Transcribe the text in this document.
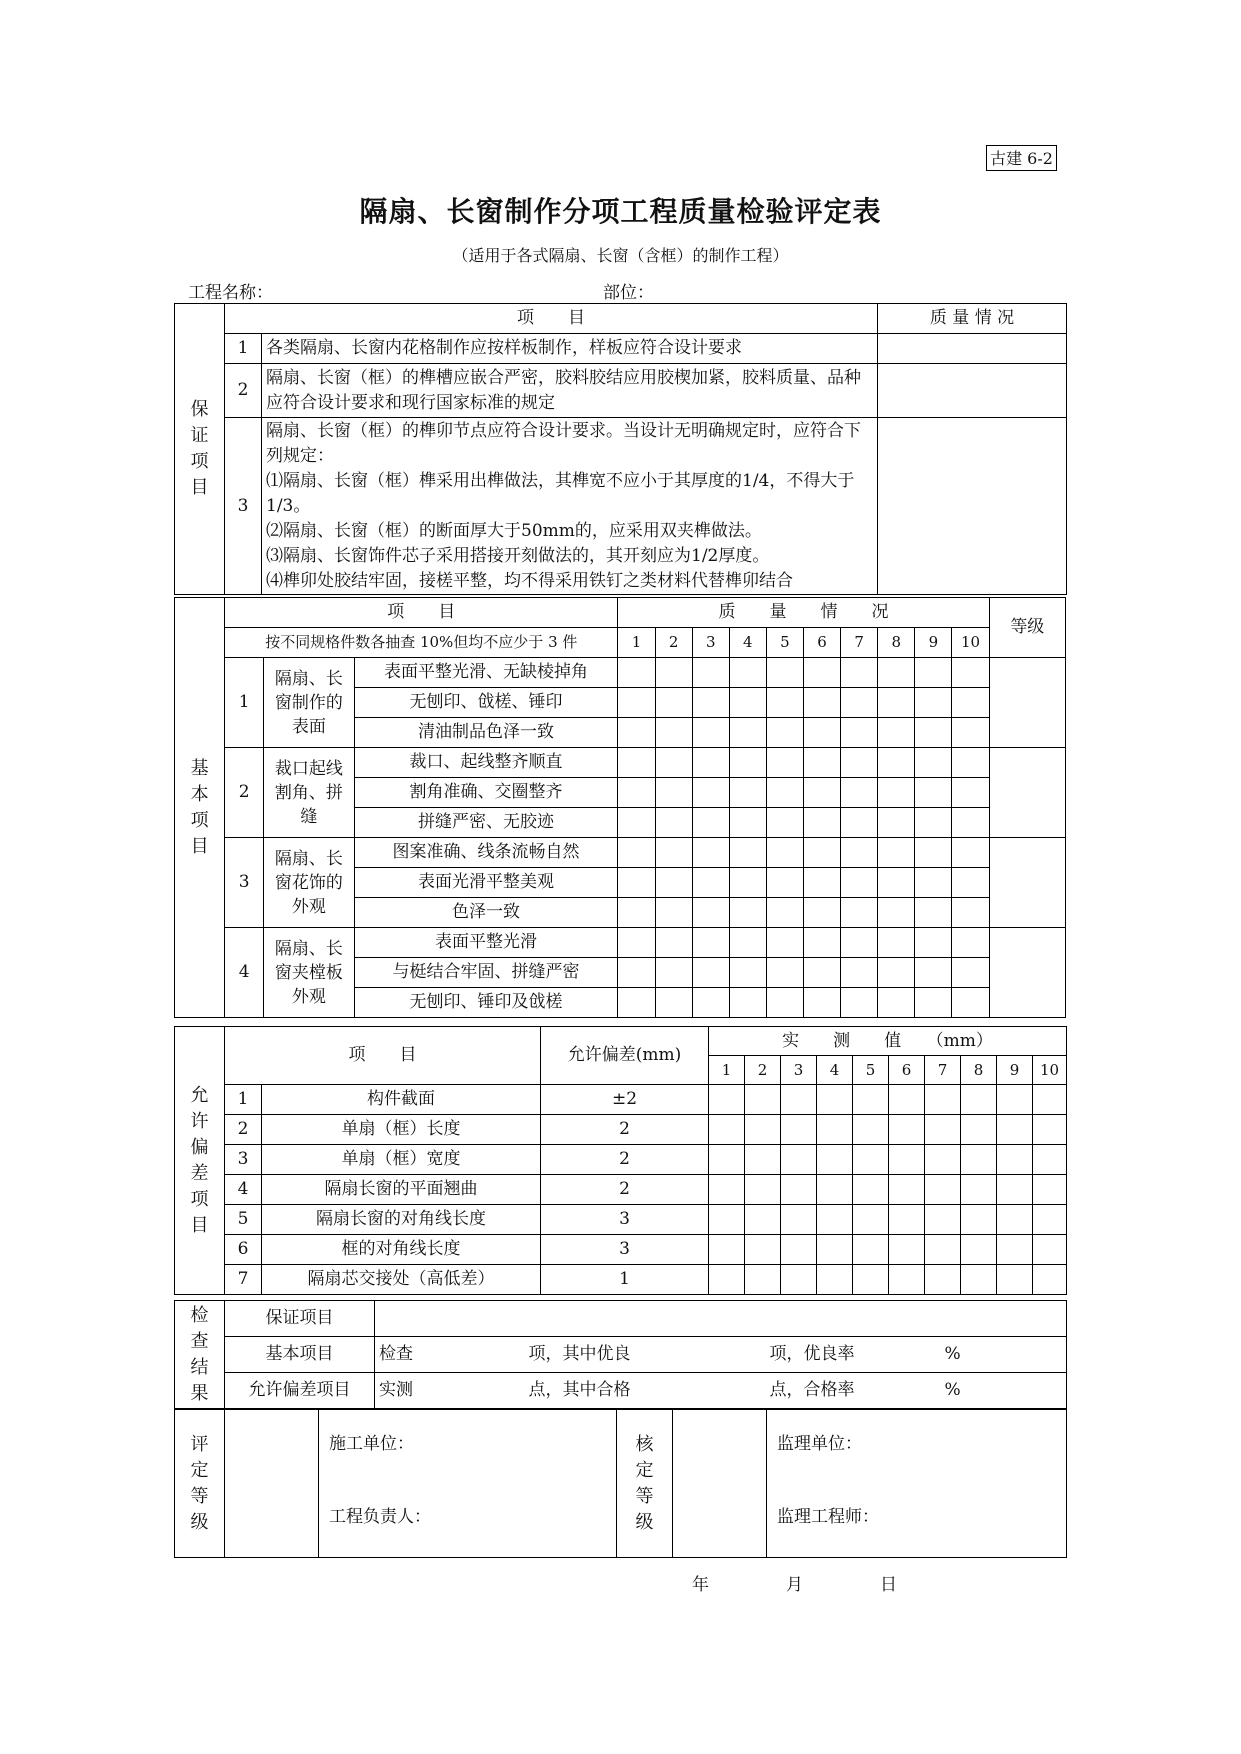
古建 6-2
隔扇、长窗制作分项工程质量检验评定表
（适用于各式隔扇、长窗（含框）的制作工程）
工程名称：	部位：
保证项目	项　　目		质 量 情 况
	1	各类隔扇、长窗内花格制作应按样板制作，样板应符合设计要求	
	2	隔扇、长窗（框）的榫槽应嵌合严密，胶料胶结应用胶楔加紧，胶料质量、品种应符合设计要求和现行国家标准的规定	
	3	隔扇、长窗（框）的榫卯节点应符合设计要求。当设计无明确规定时，应符合下列规定：
⑴隔扇、长窗（框）榫采用出榫做法，其榫宽不应小于其厚度的1/4，不得大于1/3。
⑵隔扇、长窗（框）的断面厚大于50mm的，应采用双夹榫做法。
⑶隔扇、长窗饰件芯子采用搭接开刻做法的，其开刻应为1/2厚度。
⑷榫卯处胶结牢固，接槎平整，均不得采用铁钉之类材料代替榫卯结合	

基本项目	项　　目			质　　量　　情　　况										等级
	按不同规格件数各抽查 10%但均不应少于 3 件			1	2	3	4	5	6	7	8	9	10	
	1	隔扇、长窗制作的表面	表面平整光滑、无缺棱掉角											
			无刨印、戗槎、锤印											
			清油制品色泽一致											
	2	裁口起线割角、拼缝	裁口、起线整齐顺直											
			割角准确、交圈整齐											
			拼缝严密、无胶迹											
	3	隔扇、长窗花饰的外观	图案准确、线条流畅自然											
			表面光滑平整美观											
			色泽一致											
	4	隔扇、长窗夹樘板外观	表面平整光滑											
			与梃结合牢固、拼缝严密											
			无刨印、锤印及戗槎											
允许偏差项目	项　　目		允许偏差(mm)	实　　测　　值　　（mm）									
				1	2	3	4	5	6	7	8	9	10
	1	构件截面	±2										
	2	单扇（框）长度	2										
	3	单扇（框）宽度	2										
	4	隔扇长窗的平面翘曲	2										
	5	隔扇长窗的对角线长度	3										
	6	框的对角线长度	3										
	7	隔扇芯交接处（高低差）	1										
检查结果	保证项目				
	基本项目	检查	项，其中优良	项，优良率	%
	允许偏差项目	实测	点，其中合格	点，合格率	%
评定等级

施工单位：
工程负责人：

核定等级

监理单位：
监理工程师：
年	月	日
